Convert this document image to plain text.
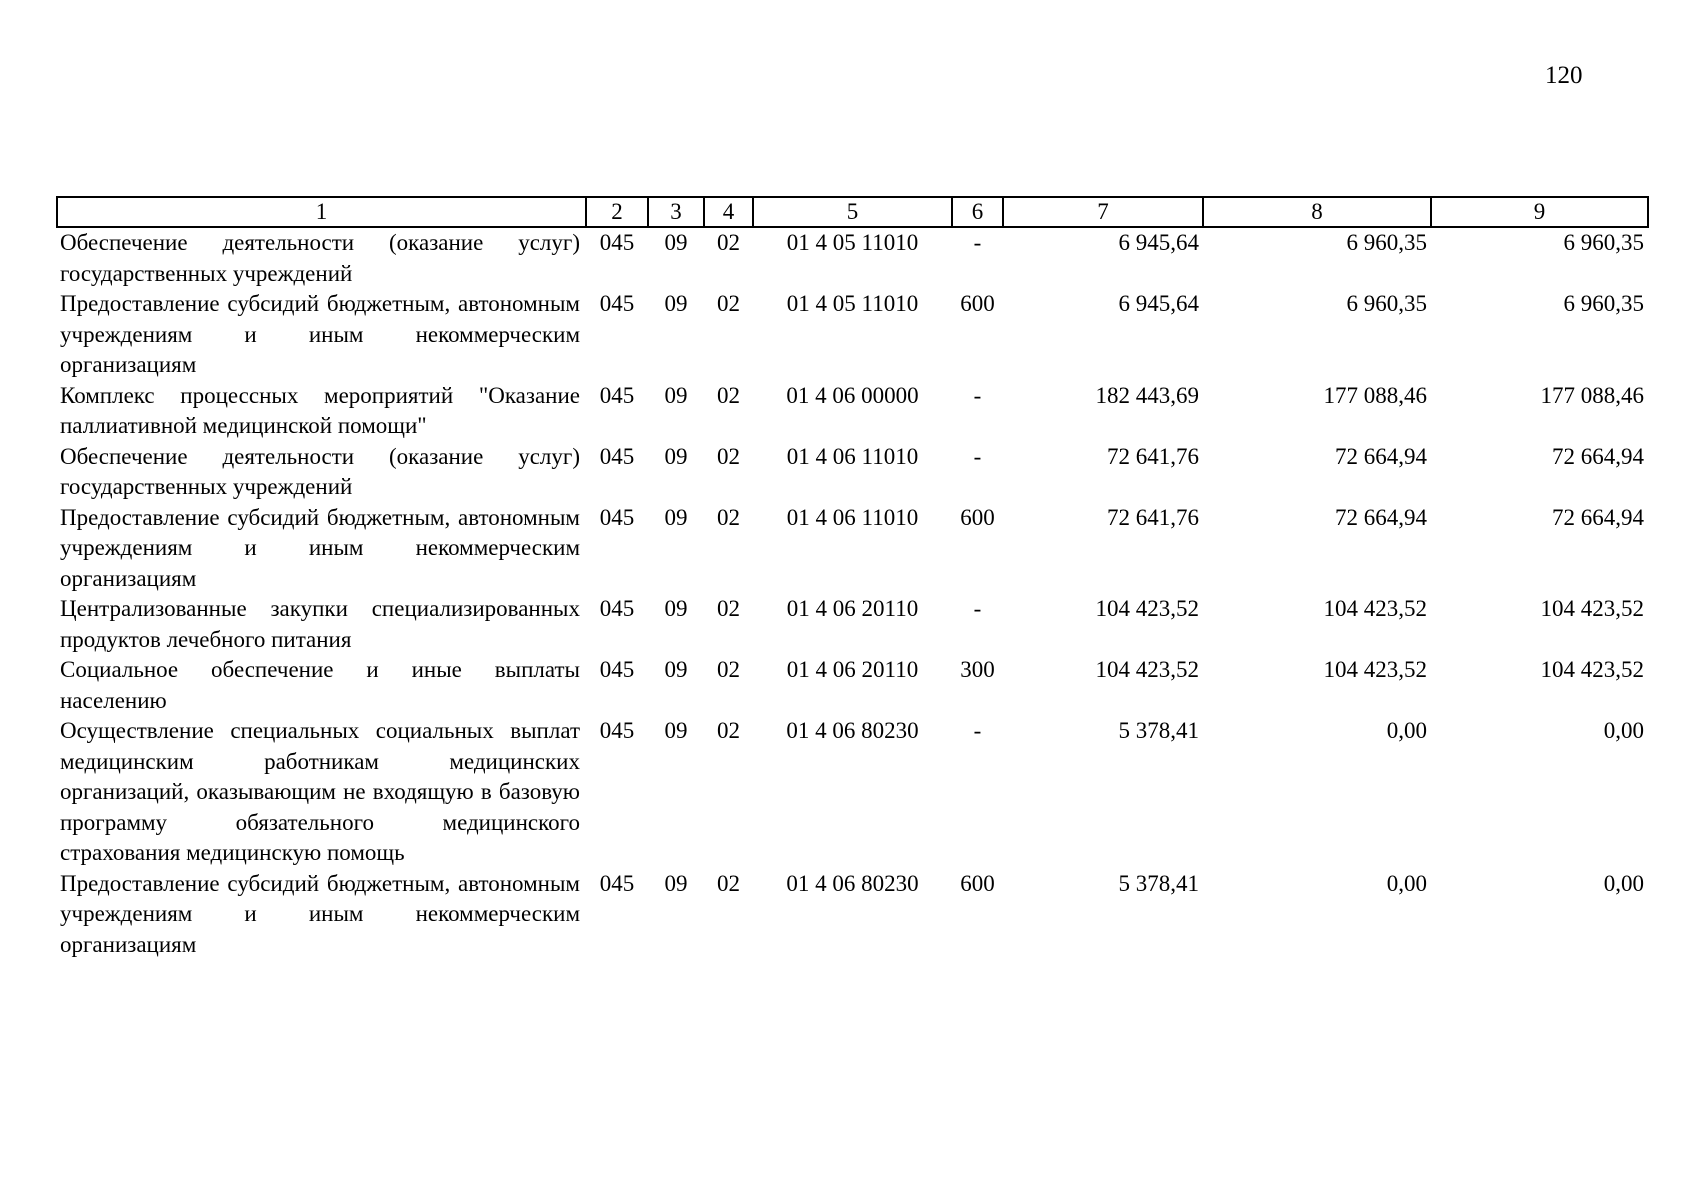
120
1	2	3	4	5	6	7	8	9
Обеспечение деятельности (оказание услуг) государственных учреждений	045	09	02	01 4 05 11010	-	6 945,64	6 960,35	6 960,35
Предоставление субсидий бюджетным, автономным учреждениям и иным некоммерческим организациям	045	09	02	01 4 05 11010	600	6 945,64	6 960,35	6 960,35
Комплекс процессных мероприятий "Оказание паллиативной медицинской помощи"	045	09	02	01 4 06 00000	-	182 443,69	177 088,46	177 088,46
Обеспечение деятельности (оказание услуг) государственных учреждений	045	09	02	01 4 06 11010	-	72 641,76	72 664,94	72 664,94
Предоставление субсидий бюджетным, автономным учреждениям и иным некоммерческим организациям	045	09	02	01 4 06 11010	600	72 641,76	72 664,94	72 664,94
Централизованные закупки специализированных продуктов лечебного питания	045	09	02	01 4 06 20110	-	104 423,52	104 423,52	104 423,52
Социальное обеспечение и иные выплаты населению	045	09	02	01 4 06 20110	300	104 423,52	104 423,52	104 423,52
Осуществление специальных социальных выплат медицинским работникам медицинских организаций, оказывающим не входящую в базовую программу обязательного медицинского страхования медицинскую помощь	045	09	02	01 4 06 80230	-	5 378,41	0,00	0,00
Предоставление субсидий бюджетным, автономным учреждениям и иным некоммерческим организациям	045	09	02	01 4 06 80230	600	5 378,41	0,00	0,00
